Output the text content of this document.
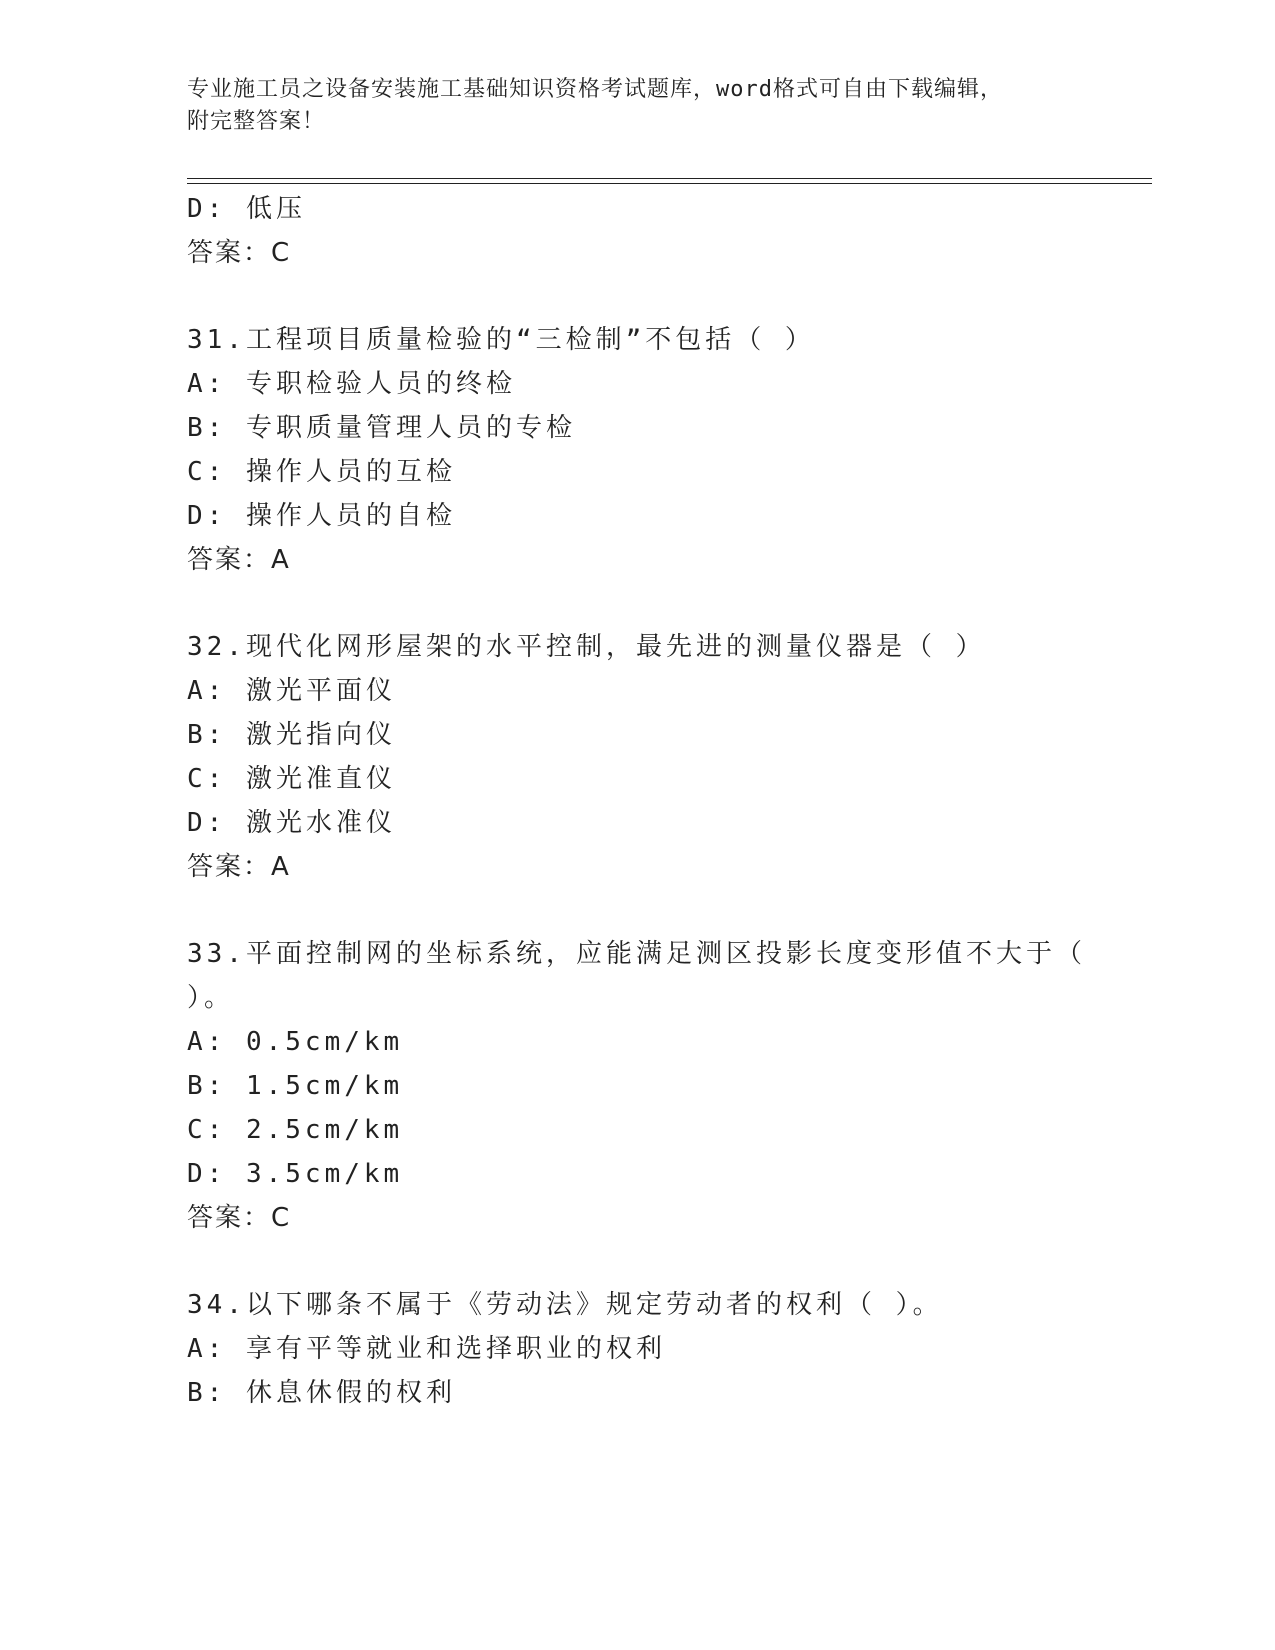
专业施工员之设备安装施工基础知识资格考试题库，word格式可自由下载编辑，
附完整答案！
D: 低压
答案：C
31.工程项目质量检验的“三检制”不包括（ ）
A: 专职检验人员的终检
B: 专职质量管理人员的专检
C: 操作人员的互检
D: 操作人员的自检
答案：A
32.现代化网形屋架的水平控制，最先进的测量仪器是（ ）
A: 激光平面仪
B: 激光指向仪
C: 激光准直仪
D: 激光水准仪
答案：A
33.平面控制网的坐标系统，应能满足测区投影长度变形值不大于（
）。
A: 0.5cm/km
B: 1.5cm/km
C: 2.5cm/km
D: 3.5cm/km
答案：C
34.以下哪条不属于《劳动法》规定劳动者的权利（ ）。
A: 享有平等就业和选择职业的权利
B: 休息休假的权利
